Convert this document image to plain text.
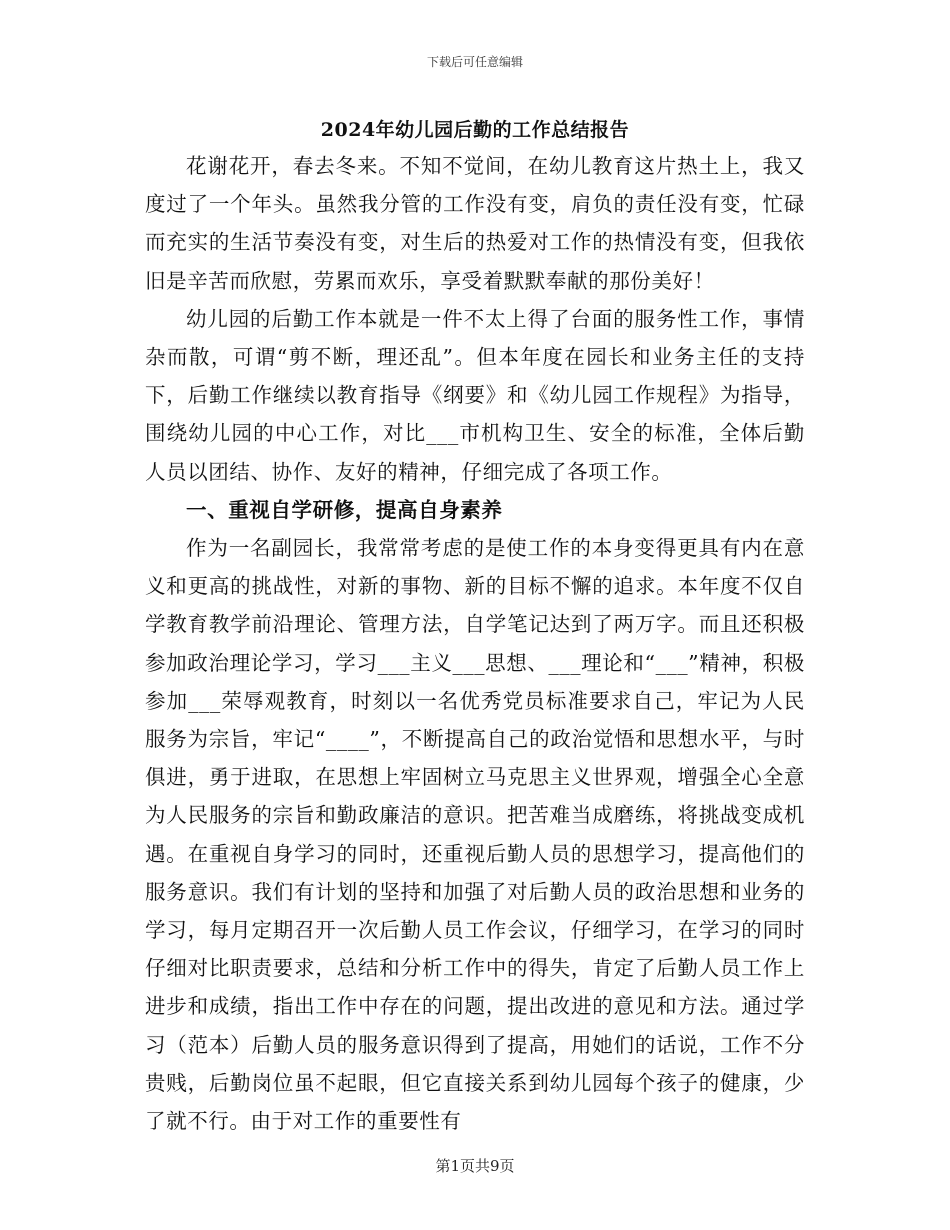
下载后可任意编辑
2024年幼儿园后勤的工作总结报告

花谢花开，春去冬来。不知不觉间，在幼儿教育这片热土上，我又度过了一个年头。虽然我分管的工作没有变，肩负的责任没有变，忙碌而充实的生活节奏没有变，对生后的热爱对工作的热情没有变，但我依旧是辛苦而欣慰，劳累而欢乐，享受着默默奉献的那份美好！

幼儿园的后勤工作本就是一件不太上得了台面的服务性工作，事情杂而散，可谓“剪不断，理还乱”。但本年度在园长和业务主任的支持下，后勤工作继续以教育指导《纲要》和《幼儿园工作规程》为指导，围绕幼儿园的中心工作，对比___市机构卫生、安全的标准，全体后勤人员以团结、协作、友好的精神，仔细完成了各项工作。

一、重视自学研修，提高自身素养

作为一名副园长，我常常考虑的是使工作的本身变得更具有内在意义和更高的挑战性，对新的事物、新的目标不懈的追求。本年度不仅自学教育教学前沿理论、管理方法，自学笔记达到了两万字。而且还积极参加政治理论学习，学习___主义___思想、___理论和“___”精神，积极参加___荣辱观教育，时刻以一名优秀党员标准要求自己，牢记为人民服务为宗旨，牢记“____”，不断提高自己的政治觉悟和思想水平，与时俱进，勇于进取，在思想上牢固树立马克思主义世界观，增强全心全意为人民服务的宗旨和勤政廉洁的意识。把苦难当成磨练，将挑战变成机遇。在重视自身学习的同时，还重视后勤人员的思想学习，提高他们的服务意识。我们有计划的坚持和加强了对后勤人员的政治思想和业务的学习，每月定期召开一次后勤人员工作会议，仔细学习，在学习的同时仔细对比职责要求，总结和分析工作中的得失，肯定了后勤人员工作上进步和成绩，指出工作中存在的问题，提出改进的意见和方法。通过学习（范本）后勤人员的服务意识得到了提高，用她们的话说，工作不分贵贱，后勤岗位虽不起眼，但它直接关系到幼儿园每个孩子的健康，少了就不行。由于对工作的重要性有

第1页共9页
